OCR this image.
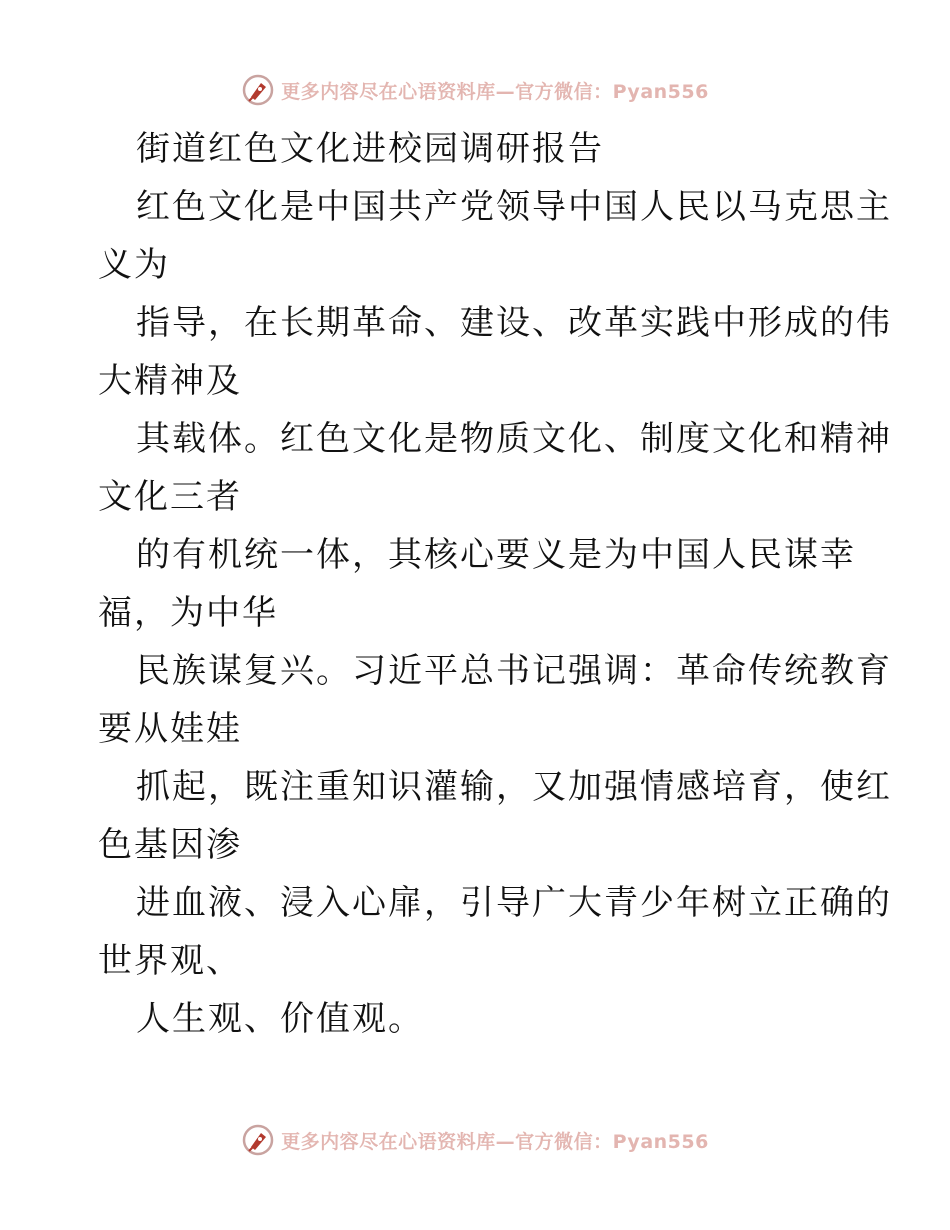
更多内容尽在心语资料库—官方微信：Pyan556
街道红色文化进校园调研报告
红色文化是中国共产党领导中国人民以马克思主
义为
指导，在长期革命、建设、改革实践中形成的伟
大精神及
其载体。红色文化是物质文化、制度文化和精神
文化三者
的有机统一体，其核心要义是为中国人民谋幸
福，为中华
民族谋复兴。习近平总书记强调：革命传统教育
要从娃娃
抓起，既注重知识灌输，又加强情感培育，使红
色基因渗
进血液、浸入心扉，引导广大青少年树立正确的
世界观、
人生观、价值观。
更多内容尽在心语资料库—官方微信：Pyan556
